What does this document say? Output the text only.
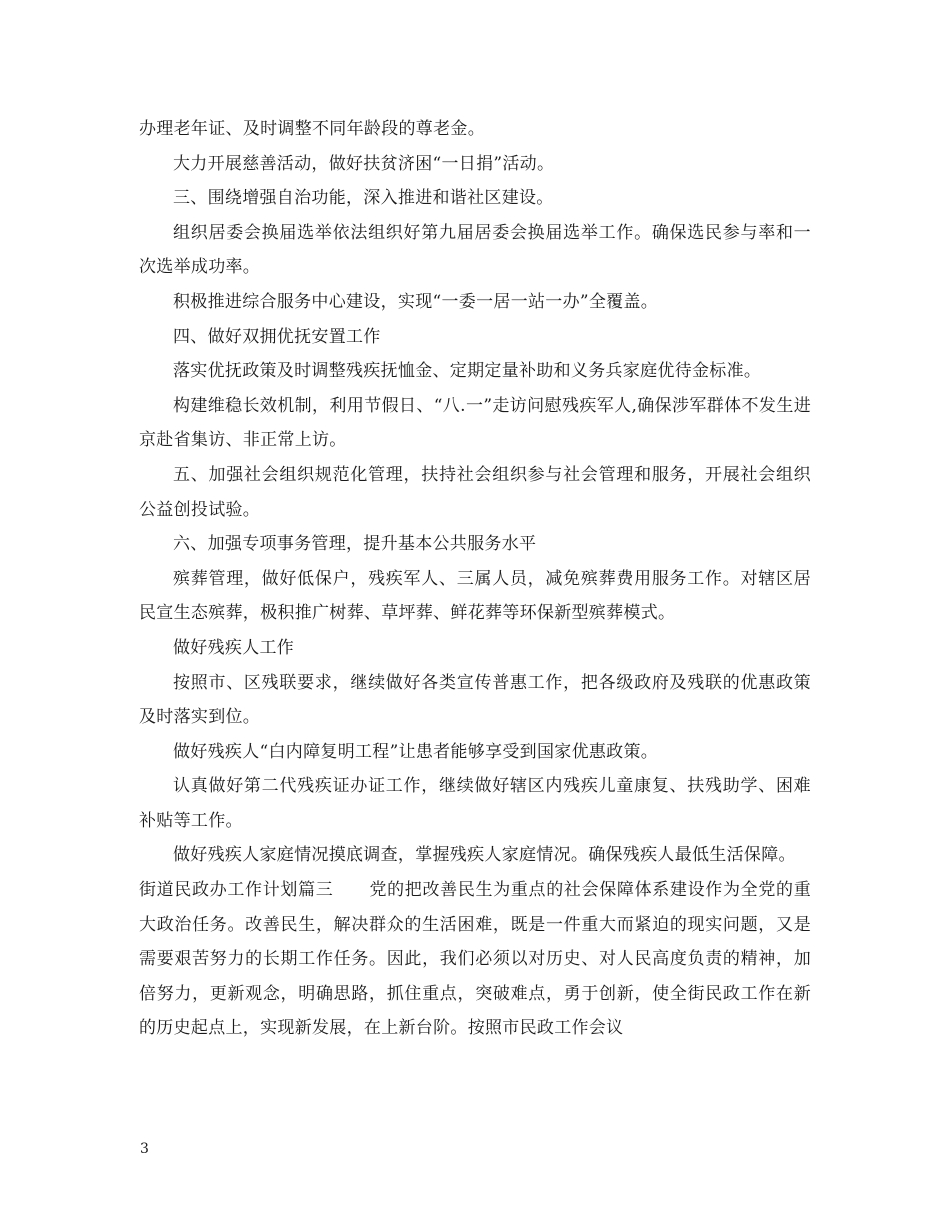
办理老年证、及时调整不同年龄段的尊老金。

大力开展慈善活动，做好扶贫济困“一日捐”活动。

三、围绕增强自治功能，深入推进和谐社区建设。

组织居委会换届选举依法组织好第九届居委会换届选举工作。确保选民参与率和一次选举成功率。

积极推进综合服务中心建设，实现“一委一居一站一办”全覆盖。

四、做好双拥优抚安置工作

落实优抚政策及时调整残疾抚恤金、定期定量补助和义务兵家庭优待金标准。

构建维稳长效机制，利用节假日、“八.一”走访问慰残疾军人,确保涉军群体不发生进京赴省集访、非正常上访。

五、加强社会组织规范化管理，扶持社会组织参与社会管理和服务，开展社会组织公益创投试验。

六、加强专项事务管理，提升基本公共服务水平

殡葬管理，做好低保户，残疾军人、三属人员，减免殡葬费用服务工作。对辖区居民宣生态殡葬，极积推广树葬、草坪葬、鲜花葬等环保新型殡葬模式。

做好残疾人工作

按照市、区残联要求，继续做好各类宣传普惠工作，把各级政府及残联的优惠政策及时落实到位。

做好残疾人“白内障复明工程”让患者能够享受到国家优惠政策。

认真做好第二代残疾证办证工作，继续做好辖区内残疾儿童康复、扶残助学、困难补贴等工作。

做好残疾人家庭情况摸底调查，掌握残疾人家庭情况。确保残疾人最低生活保障。

街道民政办工作计划篇三 党的把改善民生为重点的社会保障体系建设作为全党的重大政治任务。改善民生，解决群众的生活困难，既是一件重大而紧迫的现实问题，又是需要艰苦努力的长期工作任务。因此，我们必须以对历史、对人民高度负责的精神，加倍努力，更新观念，明确思路，抓住重点，突破难点，勇于创新，使全街民政工作在新的历史起点上，实现新发展，在上新台阶。按照市民政工作会议

3
